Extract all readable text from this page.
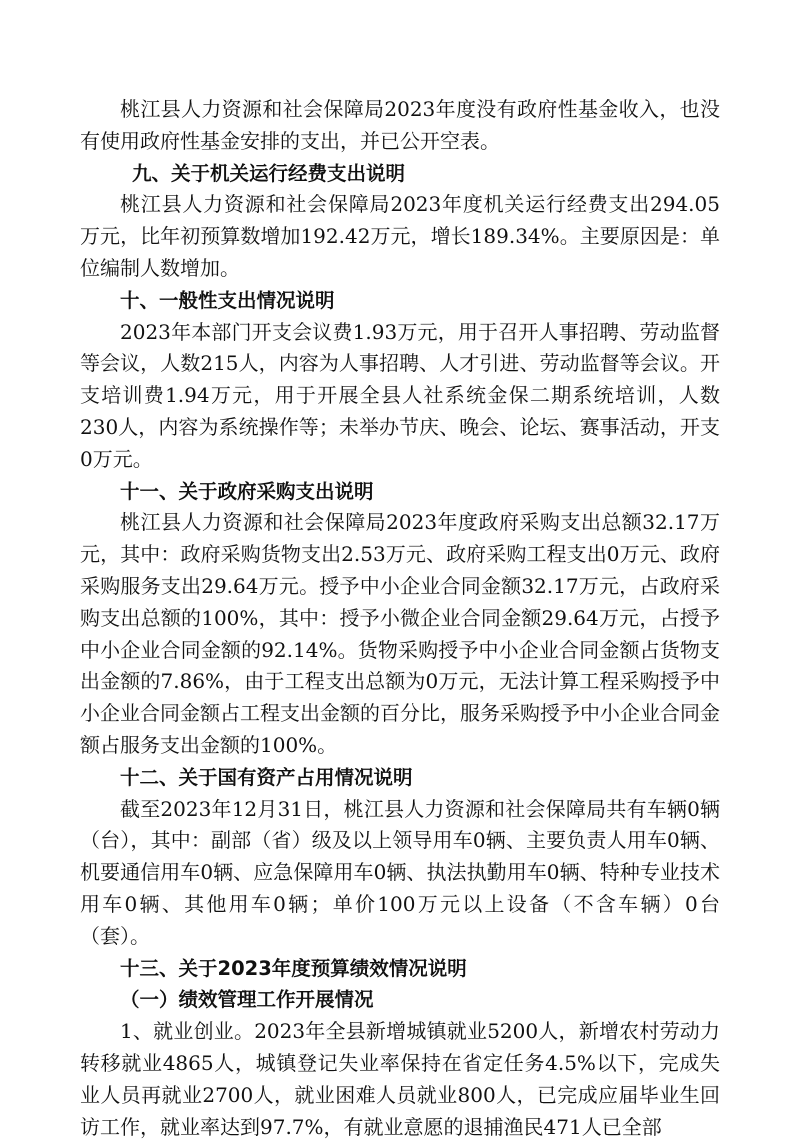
桃江县人力资源和社会保障局2023年度没有政府性基金收入，也没有使用政府性基金安排的支出，并已公开空表。

九、关于机关运行经费支出说明

桃江县人力资源和社会保障局2023年度机关运行经费支出294.05万元，比年初预算数增加192.42万元，增长189.34%。主要原因是：单位编制人数增加。

十、一般性支出情况说明

2023年本部门开支会议费1.93万元，用于召开人事招聘、劳动监督等会议，人数215人，内容为人事招聘、人才引进、劳动监督等会议。开支培训费1.94万元，用于开展全县人社系统金保二期系统培训，人数230人，内容为系统操作等；未举办节庆、晚会、论坛、赛事活动，开支0万元。

十一、关于政府采购支出说明

桃江县人力资源和社会保障局2023年度政府采购支出总额32.17万元，其中：政府采购货物支出2.53万元、政府采购工程支出0万元、政府采购服务支出29.64万元。授予中小企业合同金额32.17万元，占政府采购支出总额的100%，其中：授予小微企业合同金额29.64万元，占授予中小企业合同金额的92.14%。货物采购授予中小企业合同金额占货物支出金额的7.86%，由于工程支出总额为0万元，无法计算工程采购授予中小企业合同金额占工程支出金额的百分比，服务采购授予中小企业合同金额占服务支出金额的100%。

十二、关于国有资产占用情况说明

截至2023年12月31日，桃江县人力资源和社会保障局共有车辆0辆（台），其中：副部（省）级及以上领导用车0辆、主要负责人用车0辆、机要通信用车0辆、应急保障用车0辆、执法执勤用车0辆、特种专业技术用车0辆、其他用车0辆；单价100万元以上设备（不含车辆）0台（套）。

十三、关于2023年度预算绩效情况说明

（一）绩效管理工作开展情况

1、就业创业。2023年全县新增城镇就业5200人，新增农村劳动力转移就业4865人，城镇登记失业率保持在省定任务4.5%以下，完成失业人员再就业2700人，就业困难人员就业800人，已完成应届毕业生回访工作，就业率达到97.7%，有就业意愿的退捕渔民471人已全部
